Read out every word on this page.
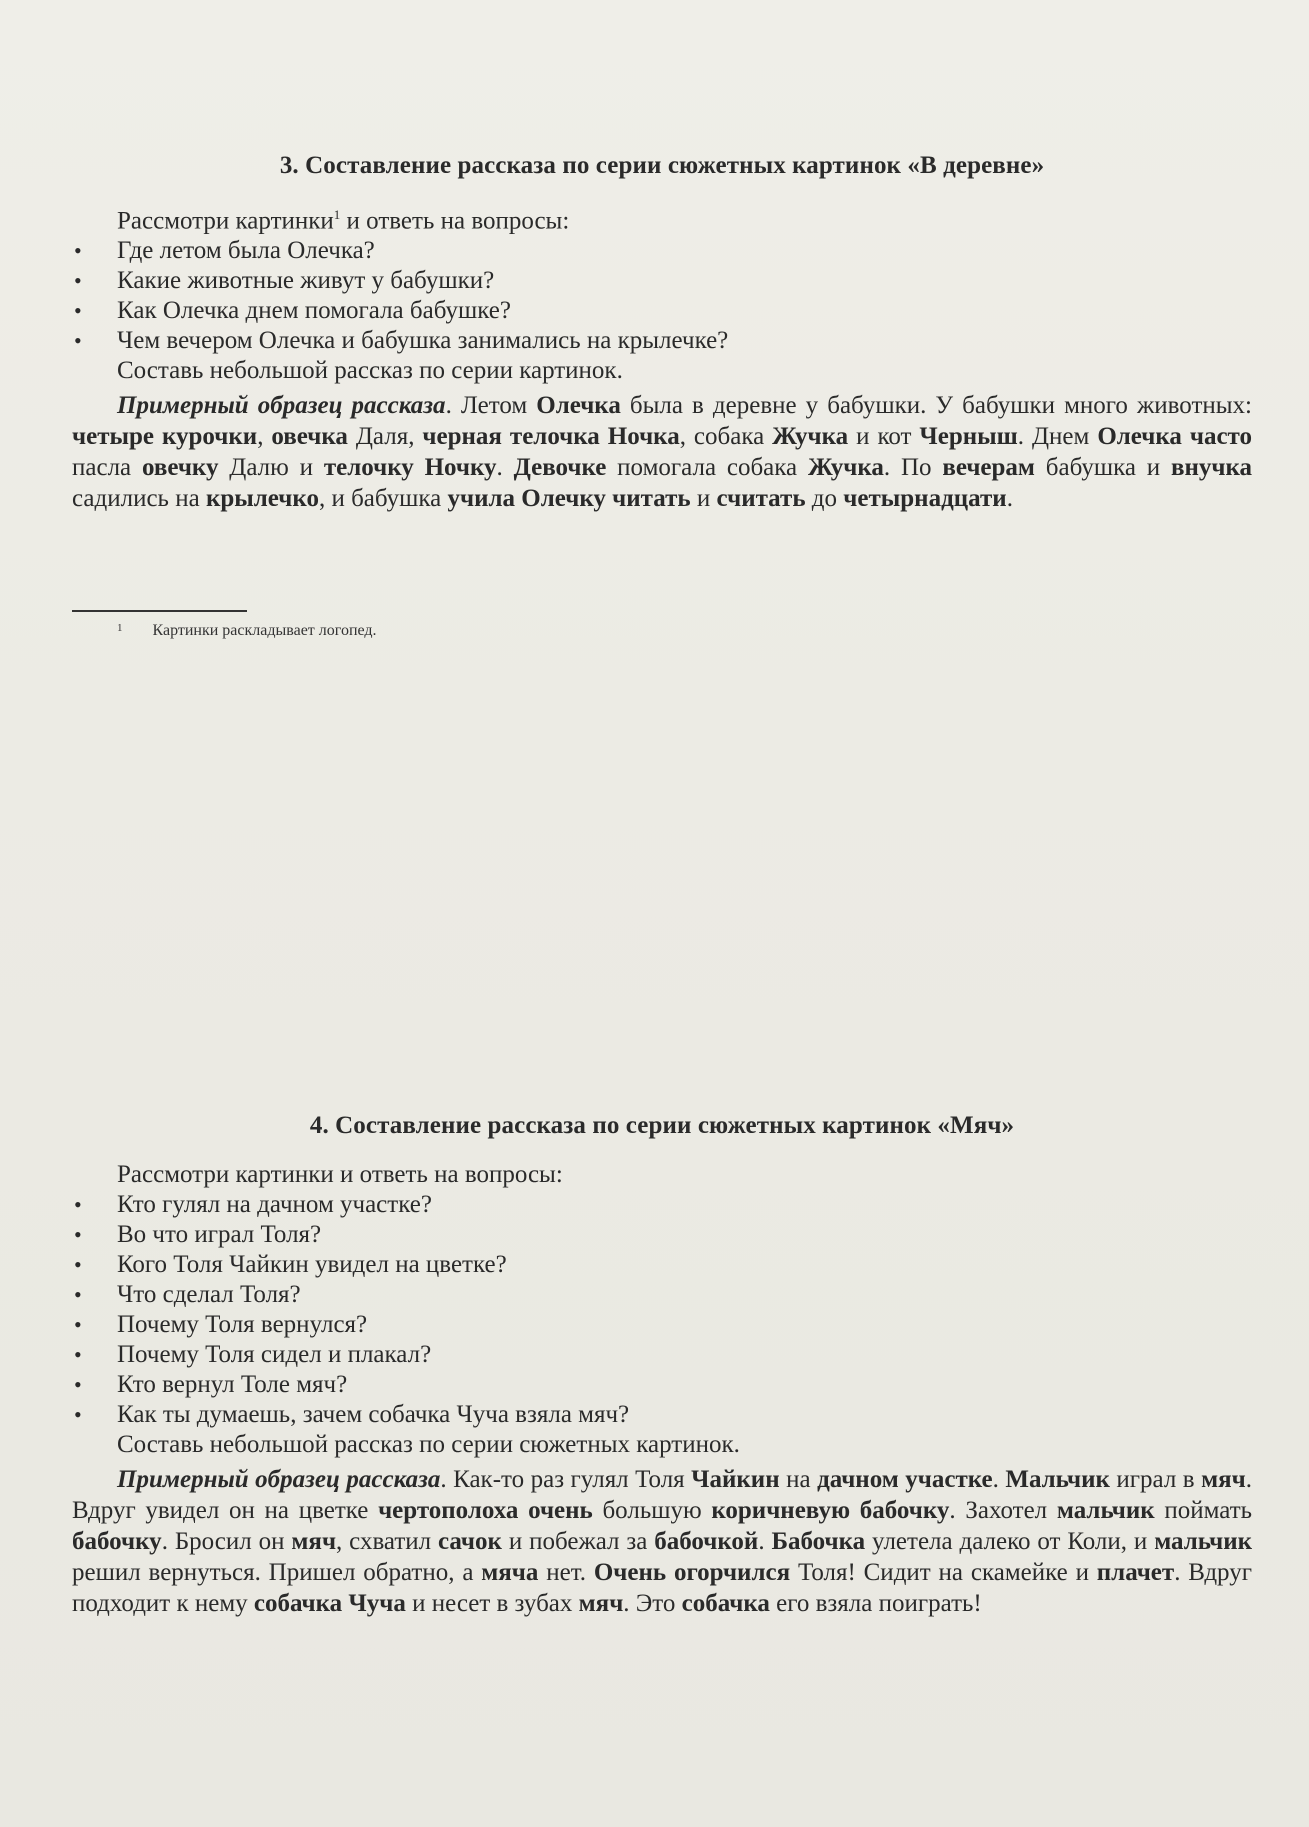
3. Составление рассказа по серии сюжетных картинок «В деревне»

Рассмотри картинки$^1$ и ответь на вопросы:

• Где летом была Олечка?
• Какие животные живут у бабушки?
• Как Олечка днем помогала бабушке?
• Чем вечером Олечка и бабушка занимались на крылечке?

Составь небольшой рассказ по серии картинок.

Примерный образец рассказа. Летом Олечка была в деревне у бабушки. У бабушки много животных: четыре курочки, овечка Даля, черная телочка Ночка, собака Жучка и кот Черныш. Днем Олечка часто пасла овечку Далю и телочку Ночку. Девочке помогала собака Жучка. По вечерам бабушка и внучка садились на крылечко, и бабушка учила Олечку читать и считать до четырнадцати.

$^1$ Картинки раскладывает логопед.
4. Составление рассказа по серии сюжетных картинок «Мяч»

Рассмотри картинки и ответь на вопросы:

• Кто гулял на дачном участке?
• Во что играл Толя?
• Кого Толя Чайкин увидел на цветке?
• Что сделал Толя?
• Почему Толя вернулся?
• Почему Толя сидел и плакал?
• Кто вернул Толе мяч?
• Как ты думаешь, зачем собачка Чуча взяла мяч?

Составь небольшой рассказ по серии сюжетных картинок.

Примерный образец рассказа. Как-то раз гулял Толя Чайкин на дачном участке. Мальчик играл в мяч. Вдруг увидел он на цветке чертополоха очень большую коричневую бабочку. Захотел мальчик поймать бабочку. Бросил он мяч, схватил сачок и побежал за бабочкой. Бабочка улетела далеко от Коли, и мальчик решил вернуться. Пришел обратно, а мяча нет. Очень огорчился Толя! Сидит на скамейке и плачет. Вдруг подходит к нему собачка Чуча и несет в зубах мяч. Это собачка его взяла поиграть!
